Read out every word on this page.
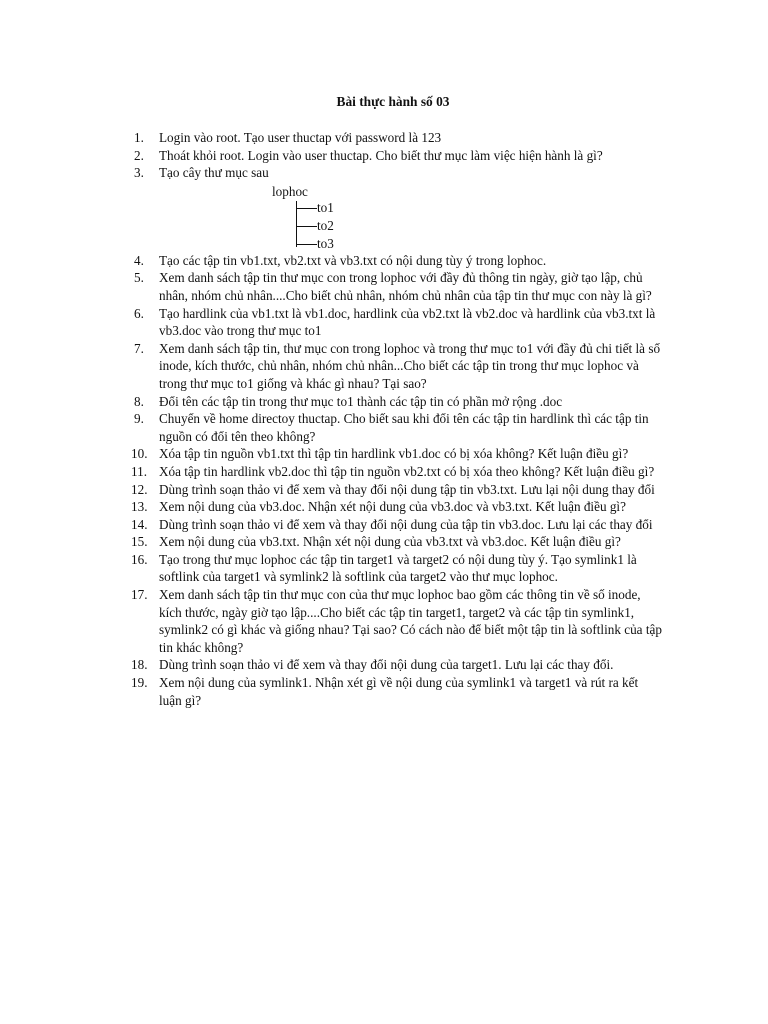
Bài thực hành số 03
1.	Login vào root. Tạo user thuctap với password là 123
2.	Thoát khỏi root. Login vào user thuctap. Cho biết thư mục làm việc hiện hành là gì?
3.	Tạo cây thư mục sau
lophoc
to1
to2
to3
4.	Tạo các tập tin vb1.txt, vb2.txt và vb3.txt có nội dung tùy ý trong lophoc.
5.	Xem danh sách tập tin thư mục con trong lophoc với đầy đủ thông tin ngày, giờ tạo lập, chủ nhân, nhóm chủ nhân....Cho biết chủ nhân, nhóm chủ nhân của tập tin thư mục con này là gì?
6.	Tạo hardlink của vb1.txt là vb1.doc, hardlink của vb2.txt là vb2.doc và hardlink của vb3.txt là vb3.doc vào trong thư mục to1
7.	Xem danh sách tập tin, thư mục con trong lophoc và trong thư mục to1 với đầy đủ chi tiết là số inode, kích thước, chủ nhân, nhóm chủ nhân...Cho biết các tập tin trong thư mục lophoc và trong thư mục to1 giống và khác gì nhau? Tại sao?
8.	Đổi tên các tập tin trong thư mục to1 thành các tập tin có phần mở rộng .doc
9.	Chuyển về home directoy thuctap. Cho biết sau khi đổi tên các tập tin hardlink thì các tập tin nguồn có đổi tên theo không?
10. Xóa tập tin nguồn vb1.txt thì tập tin hardlink vb1.doc có bị xóa không? Kết luận điều gì?
11. Xóa tập tin hardlink vb2.doc thì tập tin nguồn vb2.txt có bị xóa theo không? Kết luận điều gì?
12. Dùng trình soạn thảo vi để xem và thay đổi nội dung tập tin vb3.txt. Lưu lại nội dung thay đổi
13. Xem nội dung của vb3.doc. Nhận xét nội dung của vb3.doc và vb3.txt. Kết luận điều gì?
14. Dùng trình soạn thảo vi để xem và thay đổi nội dung của tập tin vb3.doc. Lưu lại các thay đổi
15. Xem nội dung của vb3.txt. Nhận xét nội dung của vb3.txt và vb3.doc. Kết luận điều gì?
16. Tạo trong thư mục lophoc các tập tin target1 và target2 có nội dung tùy ý. Tạo symlink1 là softlink của target1 và symlink2 là softlink của target2 vào thư mục lophoc.
17. Xem danh sách tập tin thư mục con của thư mục lophoc bao gồm các thông tin về số inode, kích thước, ngày giờ tạo lập....Cho biết các tập tin target1, target2 và các tập tin symlink1, symlink2 có gì khác và giống nhau? Tại sao? Có cách nào để biết một tập tin là softlink của tập tin khác không?
18. Dùng trình soạn thảo vi để xem và thay đổi nội dung của target1. Lưu lại các thay đổi.
19. Xem nội dung của symlink1. Nhận xét gì về nội dung của symlink1 và target1 và rút ra kết luận gì?
